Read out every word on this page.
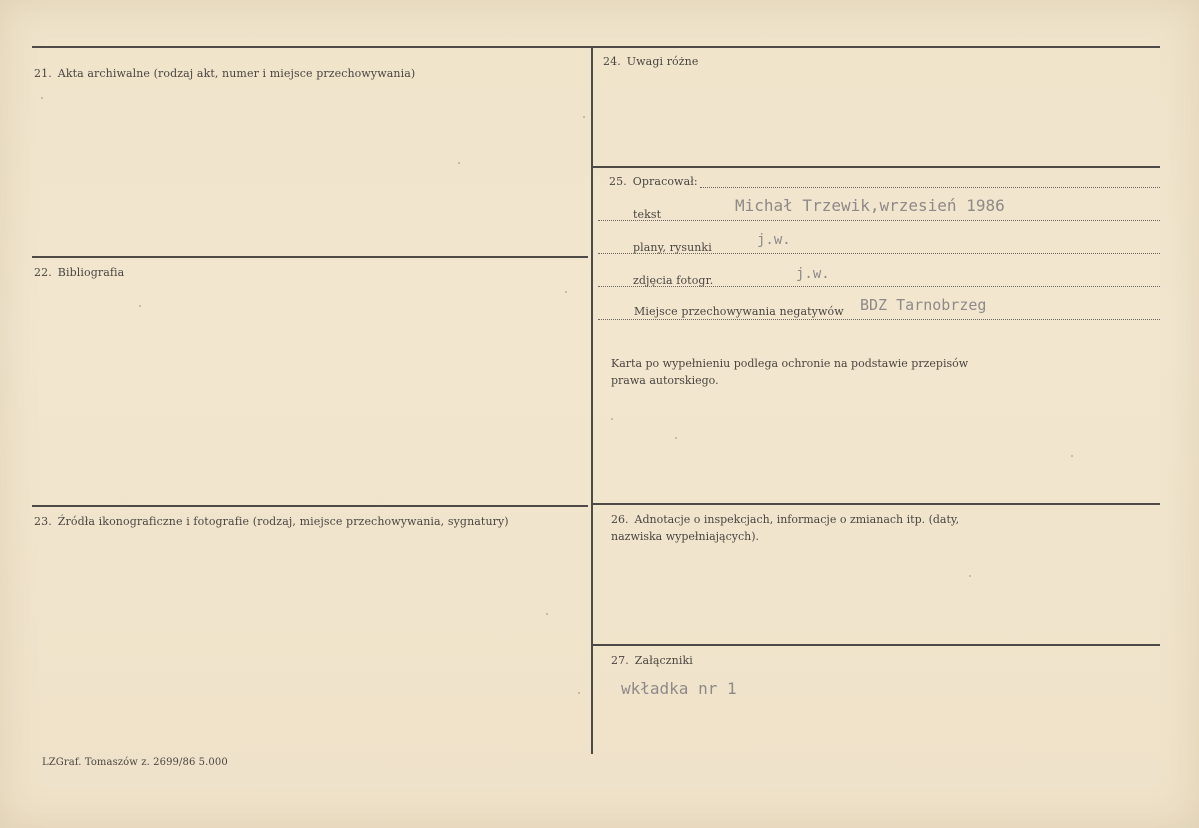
21. Akta archiwalne (rodzaj akt, numer i miejsce przechowywania)
22. Bibliografia
23. Źródła ikonograficzne i fotografie (rodzaj, miejsce przechowywania, sygnatury)
24. Uwagi różne
25. Opracował:
tekst	Michał Trzewik,wrzesień 1986
plany, rysunki	j.w.
zdjęcia fotogr.	j.w.
Miejsce przechowywania negatywów BDZ Tarnobrzeg
Karta po wypełnieniu podlega ochronie na podstawie przepisów
prawa autorskiego.
26. Adnotacje o inspekcjach, informacje o zmianach itp. (daty,
nazwiska wypełniających).
27. Załączniki
wkładka nr 1
LZGraf. Tomaszów z. 2699/86 5.000
